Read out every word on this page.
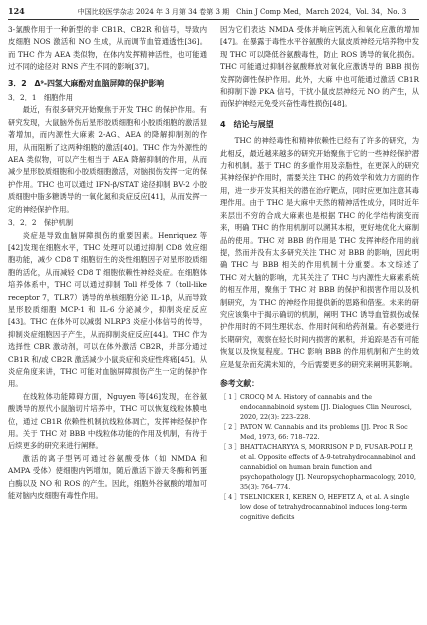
124	中国比较医学杂志 2024 年 3 月第 34 卷第 3 期　Chin J Comp Med，March 2024，Vol. 34，No. 3

3-氯酸作用于一种新型的非 CB1R、CB2R 和信号，导致内皮细胞 NOS 激活和 NO 生成，从而调节血管通透性[36]。而 THC 作为 AEA 类似物，在体内发挥精神活性，也可能通过不同的途径对 RNS 产生不同的影响[37]。

3．2　Δ⁹-四氢大麻酚对血脑屏障的保护影响
3．2．1　细胞作用

最近，有很多研究开始聚焦于开发 THC 的保护作用。有研究发现，大鼠脑外伤后星形胶质细胞和小胶质细胞的激活显著增加，而内源性大麻素 2-AG、AEA 的降解抑制剂的作用，从而阻断了这两种细胞的激活[40]。THC 作为外源性的 AEA 类似物，可以产生相当于 AEA 降解抑制的作用，从而减少星形胶质细胞和小胶质细胞激活，对脑损伤发挥一定的保护作用。THC 也可以通过 IFN-β/STAT 途径抑制 BV-2 小胶质细胞中脂多糖诱导的一氧化氮和炎症反应[41]，从而发挥一定的神经保护作用。

3．2．2　保护机制

炎症是导致血脑屏障损伤的重要因素。Henriquez 等[42]发现在细胞水平，THC 处理可以通过抑制 CD8 效应细胞功能，减少 CD8 T 细胞衍生的炎性细胞因子对星形胶质细胞的活化，从而减轻 CD8 T 细胞依赖性神经炎症。在细胞体培养体系中，THC 可以通过抑制 Toll 样受体 7（toll-like receptor 7，TLR7）诱导的单核细胞分泌 IL-1β，从而导致星形胶质细胞 MCP-1 和 IL-6 分泌减少，抑制炎症反应[43]。THC 在体外可以减弱 NLRP3 炎症小体信号的传导，抑制炎症细胞因子产生，从而抑制炎症反应[44]。THC 作为选择性 CBR 激动剂，可以在体外激活 CB2R，并部分通过 CB1R 和/或 CB2R 激活减少小鼠炎症和炎症性疼痛[45]。从炎症角度来讲，THC 可能对血脑屏障损伤产生一定的保护作用。

在线粒体功能障碍方面，Nguyen 等[46]发现，在谷氨酸诱导的原代小鼠脑切片培养中，THC 可以恢复线粒体膜电位，通过 CB1R 依赖性机制抗线粒体凋亡，发挥神经保护作用。关于 THC 对 BBB 中线粒体功能的作用及机制，有待于后续更多的研究来进行阐释。

激活的离子型钙可通过谷氨酸受体（如 NMDA 和 AMPA 受体）使细胞内钙增加，随后激活下游天冬酶和钙蛋白酶以及 NO 和 ROS 的产生。因此，细胞外谷氨酸的增加可能对脑内皮细胞有毒性作用。

因为它们表达 NMDA 受体并响应钙流入和氧化应激的增加[47]。在暴露于毒性水平谷氨酸的大鼠皮质神经元培养物中发现 THC 可以降低谷氨酸毒性，防止 ROS 诱导的氧化损伤。THC 可能通过抑制谷氨酸释放对氧化应激诱导的 BBB 损伤发挥防御性保护作用。此外，大麻 中也可能通过激活 CB1R 和抑制下游 PKA 信号，干扰小鼠皮层神经元 NO 的产生，从而保护神经元免受兴奋性毒性损伤[48]。

4　结论与展望

THC 的神经毒性和精神依赖性已经有了许多的研究，为此相反，最近越来越多的研究开始聚焦于它的一些神经保护潜力和机制。基于 THC 的多重作用及亲脂性，在更深入的研究其神经保护作用时，需要关注 THC 的药效学和效力方面的作用，进一步开发其相关的潜在治疗靶点，同时应更加注意其毒理作用。由于 THC 是大麻中天然的精神活性成分，同时近年来层出不穷的合成大麻素也是根据 THC 的化学结构演变而来，明确 THC 的作用机制可以溯其本根，更好地优化大麻制品的使用。THC 对 BBB 的作用是 THC 发挥神经作用的前提，然而并没有太多研究关注 THC 对 BBB 的影响，因此明确 THC 与 BBB 相关的作用机制十分重要。本文综述了 THC 对大脑的影响，尤其关注了 THC 与内源性大麻素系统的相互作用，聚焦于 THC 对 BBB 的保护和损害作用以及机制研究，为 THC 的神经作用提供新的思路和借鉴。未来的研究应该集中于揭示确切的机制，阐明 THC 诱导血管损伤或保护作用时的不同生理状态、作用时间和给药剂量。有必要进行长期研究，观察在轻长时间内损害的累积，并追踪是否有可能恢复以及恢复程度。THC 影响 BBB 的作用机制和产生的效应是复杂而充满未知的，今后需要更多的研究来阐明其影响。

参考文献：
［ 1 ］ CROCQ M A. History of cannabis and the endocannabinoid system [J]. Dialogues Clin Neurosci, 2020, 22(3): 223–228.
［ 2 ］ PATON W. Cannabis and its problems [J]. Proc R Soc Med, 1973, 66: 718–722.
［ 3 ］ BHATTACHARYYA S, MORRISON P D, FUSAR-POLI P, et al. Opposite effects of Δ-9-tetrahydrocannabinol and cannabidiol on human brain function and psychopathology [J]. Neuropsychopharmacology, 2010, 35(3): 764–774.
［ 4 ］ TSELNICKER I, KEREN O, HEFETZ A, et al. A single low dose of tetrahydrocannabinol induces long-term cognitive deficits
